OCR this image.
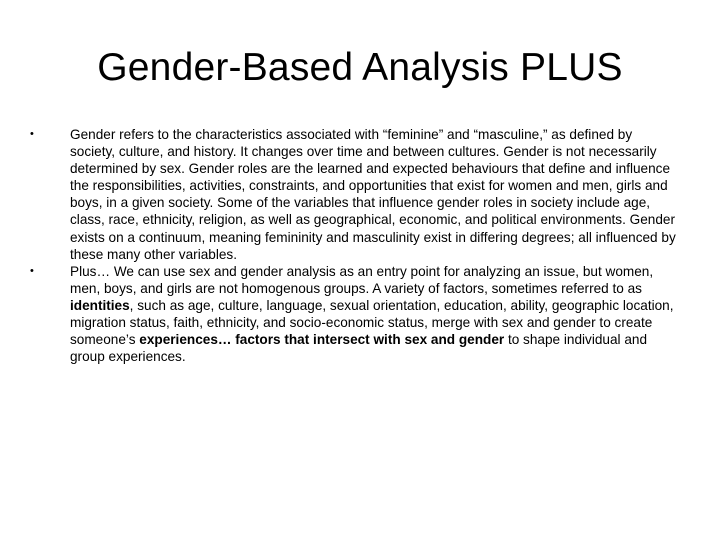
Gender-Based Analysis PLUS
•	Gender refers to the characteristics associated with “feminine” and “masculine,” as defined by society, culture, and history. It changes over time and between cultures. Gender is not necessarily determined by sex. Gender roles are the learned and expected behaviours that define and influence the responsibilities, activities, constraints, and opportunities that exist for women and men, girls and boys, in a given society. Some of the variables that influence gender roles in society include age, class, race, ethnicity, religion, as well as geographical, economic, and political environments. Gender exists on a continuum, meaning femininity and masculinity exist in differing degrees; all influenced by these many other variables.
•	Plus… We can use sex and gender analysis as an entry point for analyzing an issue, but women, men, boys, and girls are not homogenous groups. A variety of factors, sometimes referred to as identities, such as age, culture, language, sexual orientation, education, ability, geographic location, migration status, faith, ethnicity, and socio-economic status, merge with sex and gender to create someone’s experiences… factors that intersect with sex and gender to shape individual and group experiences.
